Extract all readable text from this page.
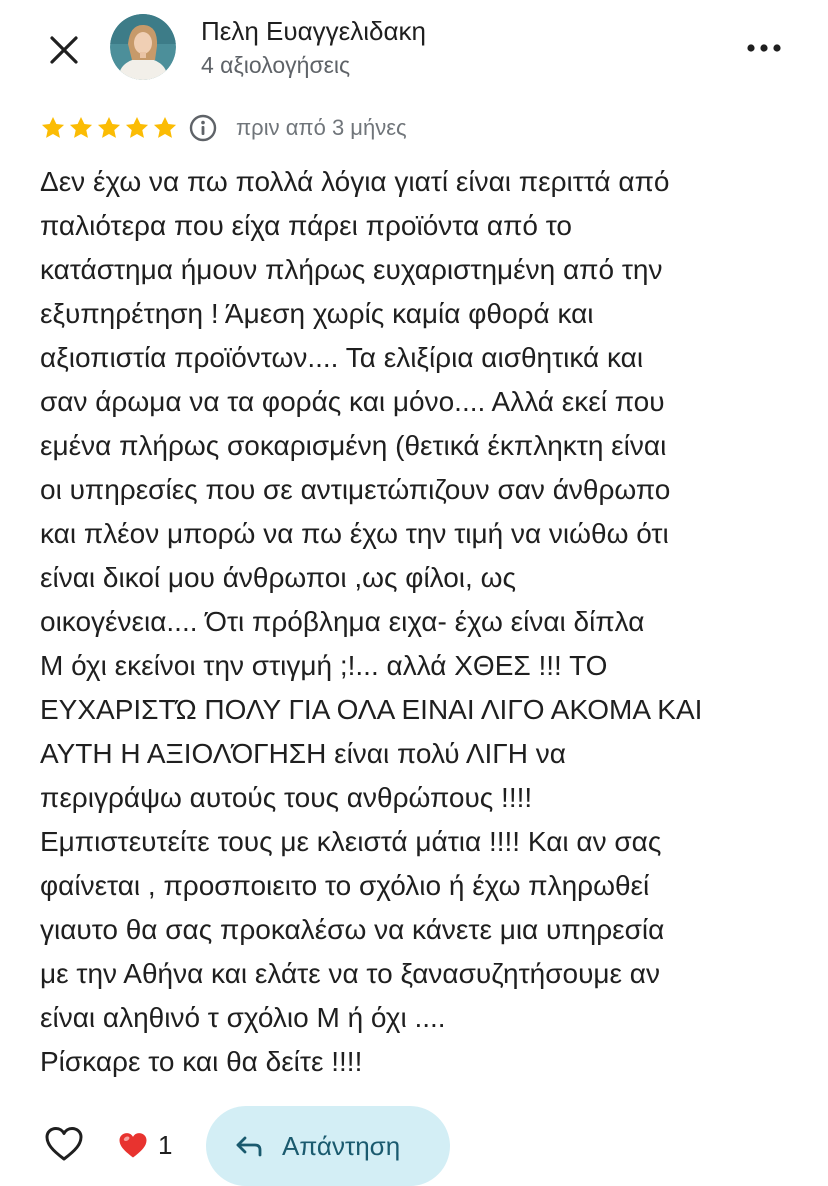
Πελη Ευαγγελιδακη
4 αξιολογήσεις
πριν από 3 μήνες
Δεν έχω να πω πολλά λόγια γιατί είναι περιττά από
παλιότερα που είχα πάρει προϊόντα από το
κατάστημα ήμουν πλήρως ευχαριστημένη από την
εξυπηρέτηση ! Άμεση χωρίς καμία φθορά και
αξιοπιστία προϊόντων.... Τα ελιξίρια αισθητικά και
σαν άρωμα να τα φοράς και μόνο.... Αλλά εκεί που
εμένα πλήρως σοκαρισμένη (θετικά έκπληκτη είναι
οι υπηρεσίες που σε αντιμετώπιζουν σαν άνθρωπο
και πλέον μπορώ να πω έχω την τιμή να νιώθω ότι
είναι δικοί μου άνθρωποι ,ως φίλοι, ως
οικογένεια.... Ότι πρόβλημα ειχα- έχω είναι δίπλα
Μ όχι εκείνοι την στιγμή ;!... αλλά ΧΘΕΣ !!! ΤΟ
ΕΥΧΑΡΙΣΤΏ ΠΟΛΥ ΓΙΑ ΟΛΑ ΕΙΝΑΙ ΛΙΓΟ ΑΚΟΜΑ ΚΑΙ
ΑΥΤΗ Η ΑΞΙΟΛΌΓΗΣΗ είναι πολύ ΛΙΓΗ να
περιγράψω αυτούς τους ανθρώπους !!!!
Εμπιστευτείτε τους με κλειστά μάτια !!!! Και αν σας
φαίνεται , προσποιειτο το σχόλιο ή έχω πληρωθεί
γιαυτο θα σας προκαλέσω να κάνετε μια υπηρεσία
με την Αθήνα και ελάτε να το ξανασυζητήσουμε αν
είναι αληθινό τ σχόλιο Μ ή όχι ....
Ρίσκαρε το και θα δείτε !!!!
1	Απάντηση
